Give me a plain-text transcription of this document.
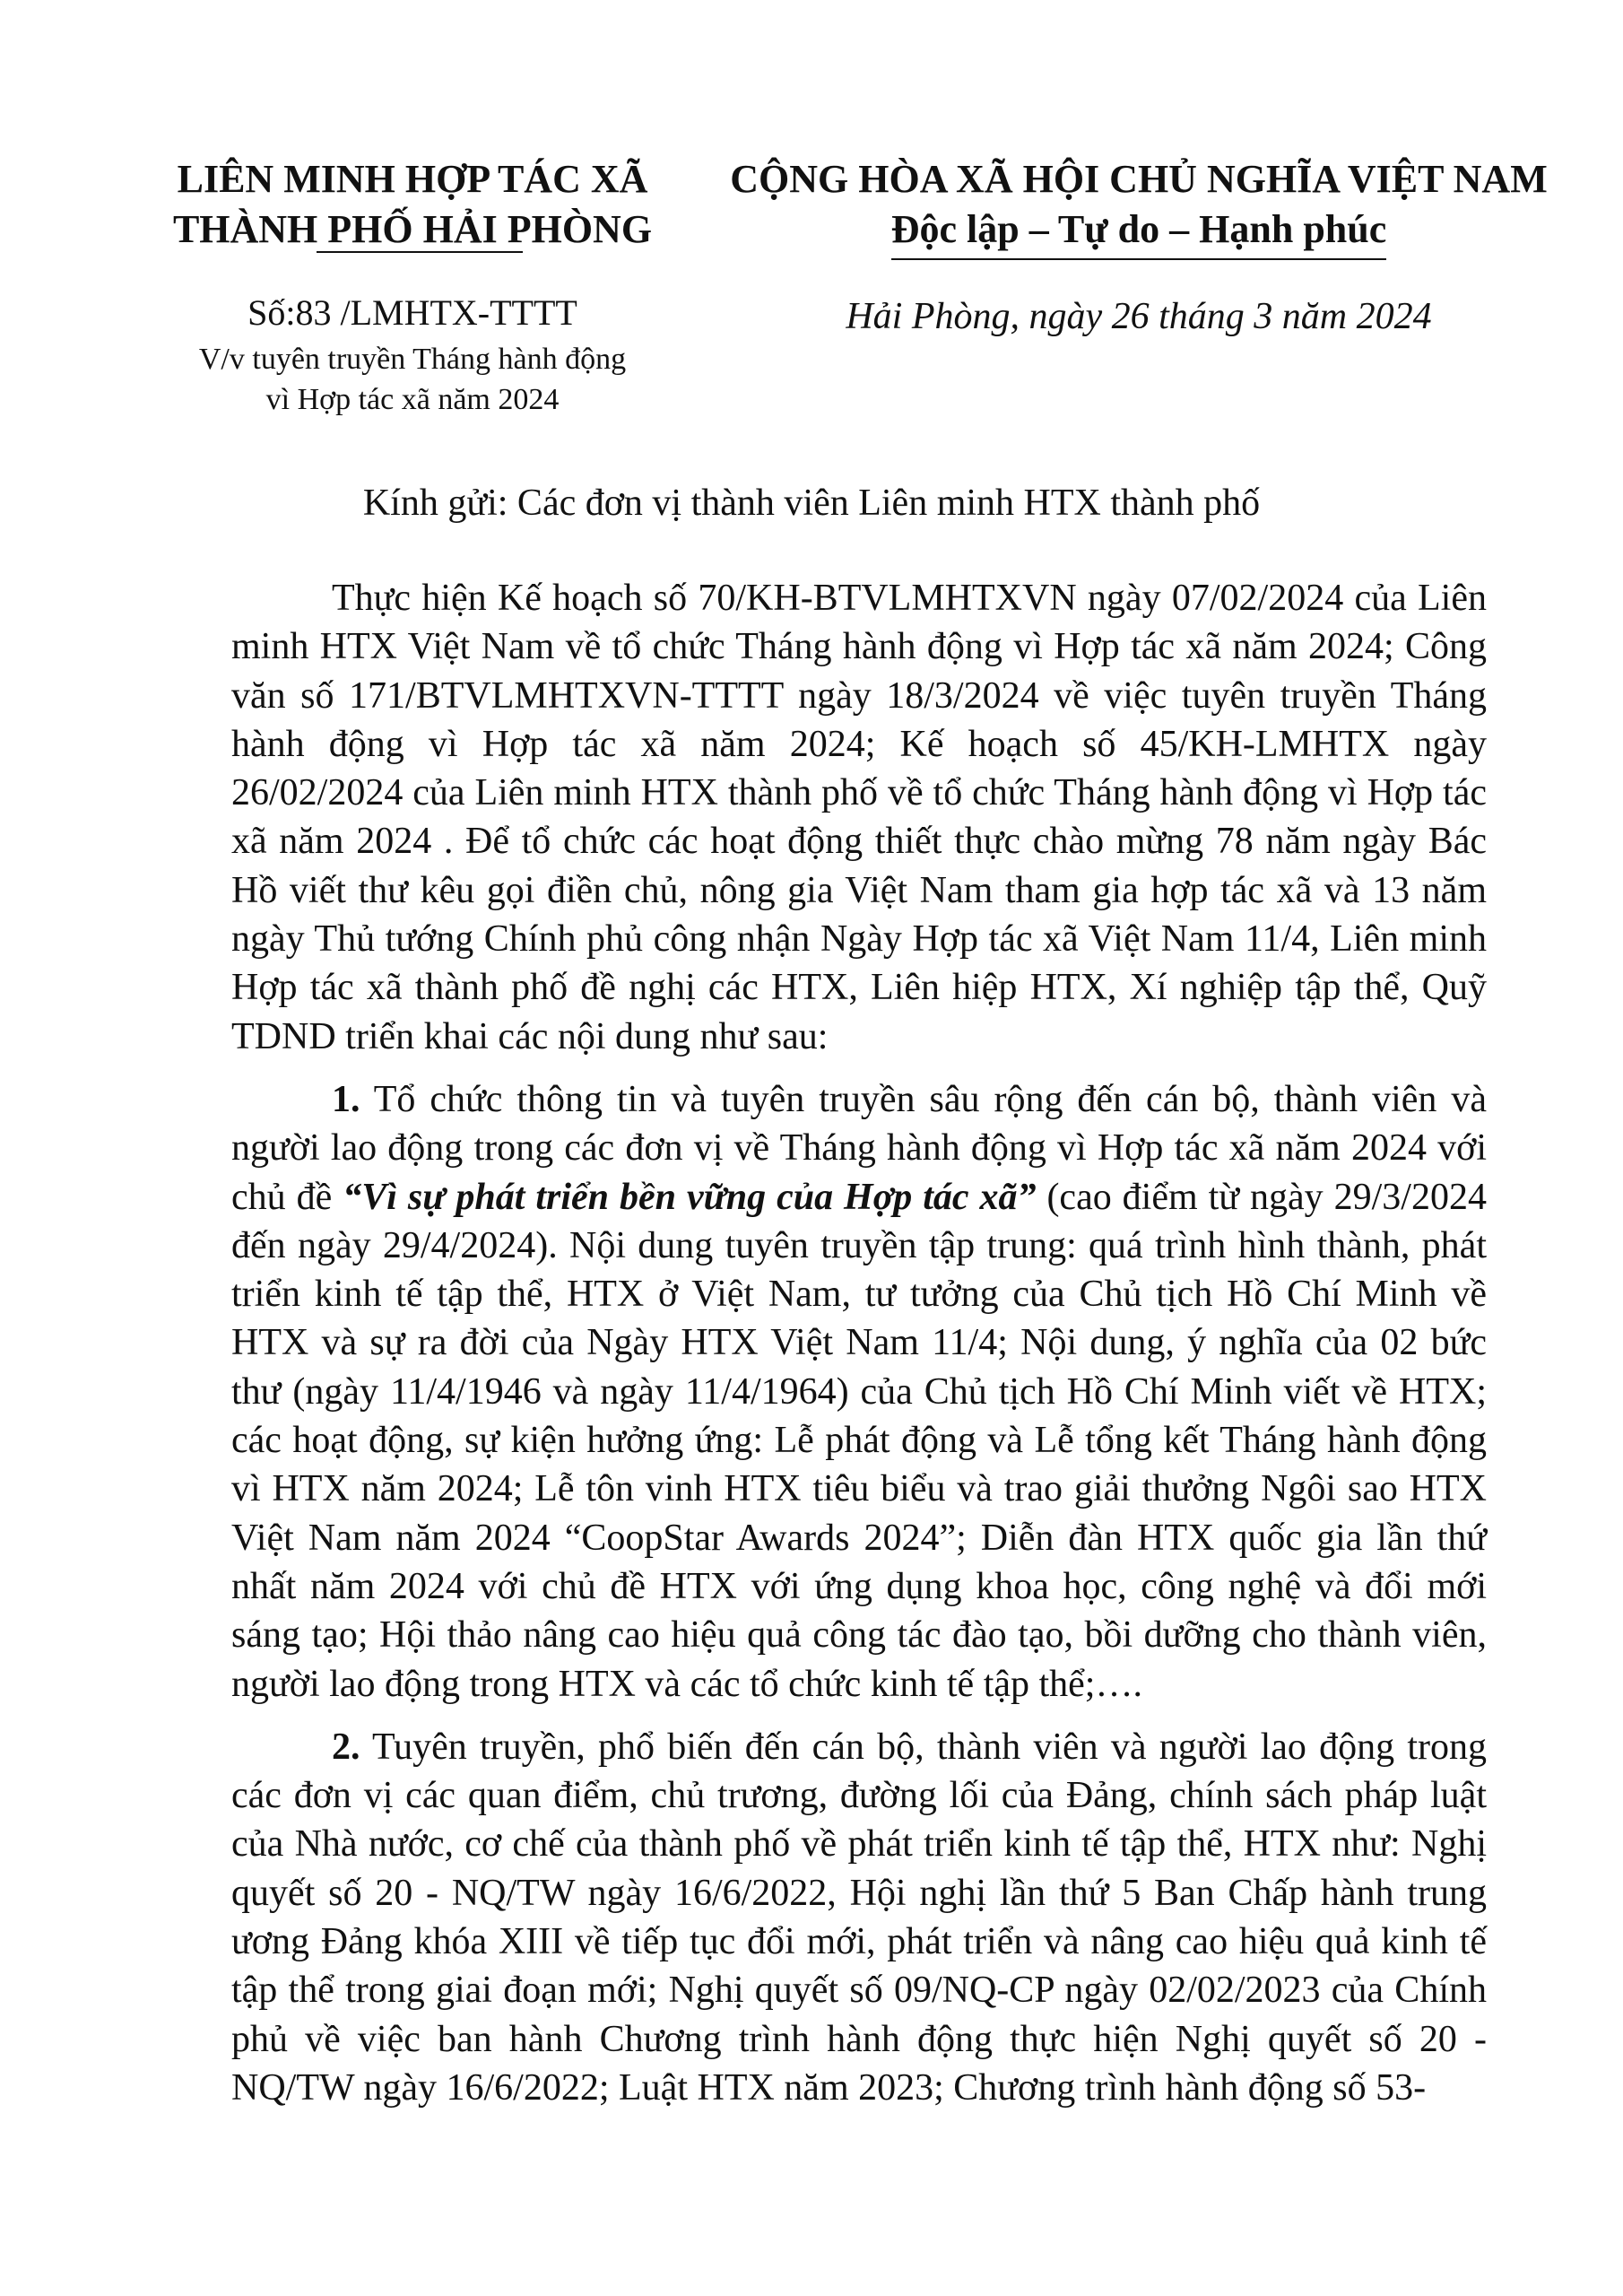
LIÊN MINH HỢP TÁC XÃ
THÀNH PHỐ HẢI PHÒNG
CỘNG HÒA XÃ HỘI CHỦ NGHĨA VIỆT NAM
Độc lập – Tự do – Hạnh phúc
Số:83 /LMHTX-TTTT
V/v tuyên truyền Tháng hành động
vì Hợp tác xã năm 2024
Hải Phòng, ngày 26 tháng 3 năm 2024
Kính gửi: Các đơn vị thành viên Liên minh HTX thành phố

Thực hiện Kế hoạch số 70/KH-BTVLMHTXVN ngày 07/02/2024 của Liên minh HTX Việt Nam về tổ chức Tháng hành động vì Hợp tác xã năm 2024; Công văn số 171/BTVLMHTXVN-TTTT ngày 18/3/2024 về việc tuyên truyền Tháng hành động vì Hợp tác xã năm 2024; Kế hoạch số 45/KH-LMHTX ngày 26/02/2024 của Liên minh HTX thành phố về tổ chức Tháng hành động vì Hợp tác xã năm 2024 . Để tổ chức các hoạt động thiết thực chào mừng 78 năm ngày Bác Hồ viết thư kêu gọi điền chủ, nông gia Việt Nam tham gia hợp tác xã và 13 năm ngày Thủ tướng Chính phủ công nhận Ngày Hợp tác xã Việt Nam 11/4, Liên minh Hợp tác xã thành phố đề nghị các HTX, Liên hiệp HTX, Xí nghiệp tập thể, Quỹ TDND triển khai các nội dung như sau:

1. Tổ chức thông tin và tuyên truyền sâu rộng đến cán bộ, thành viên và người lao động trong các đơn vị về Tháng hành động vì Hợp tác xã năm 2024 với chủ đề “Vì sự phát triển bền vững của Hợp tác xã” (cao điểm từ ngày 29/3/2024 đến ngày 29/4/2024). Nội dung tuyên truyền tập trung: quá trình hình thành, phát triển kinh tế tập thể, HTX ở Việt Nam, tư tưởng của Chủ tịch Hồ Chí Minh về HTX và sự ra đời của Ngày HTX Việt Nam 11/4; Nội dung, ý nghĩa của 02 bức thư (ngày 11/4/1946 và ngày 11/4/1964) của Chủ tịch Hồ Chí Minh viết về HTX; các hoạt động, sự kiện hưởng ứng: Lễ phát động và Lễ tổng kết Tháng hành động vì HTX năm 2024; Lễ tôn vinh HTX tiêu biểu và trao giải thưởng Ngôi sao HTX Việt Nam năm 2024 “CoopStar Awards 2024”; Diễn đàn HTX quốc gia lần thứ nhất năm 2024 với chủ đề HTX với ứng dụng khoa học, công nghệ và đổi mới sáng tạo; Hội thảo nâng cao hiệu quả công tác đào tạo, bồi dưỡng cho thành viên, người lao động trong HTX và các tổ chức kinh tế tập thể;….

2. Tuyên truyền, phổ biến đến cán bộ, thành viên và người lao động trong các đơn vị các quan điểm, chủ trương, đường lối của Đảng, chính sách pháp luật của Nhà nước, cơ chế của thành phố về phát triển kinh tế tập thể, HTX như: Nghị quyết số 20 - NQ/TW ngày 16/6/2022, Hội nghị lần thứ 5 Ban Chấp hành trung ương Đảng khóa XIII về tiếp tục đổi mới, phát triển và nâng cao hiệu quả kinh tế tập thể trong giai đoạn mới; Nghị quyết số 09/NQ-CP ngày 02/02/2023 của Chính phủ về việc ban hành Chương trình hành động thực hiện Nghị quyết số 20 - NQ/TW ngày 16/6/2022; Luật HTX năm 2023; Chương trình hành động số 53-
